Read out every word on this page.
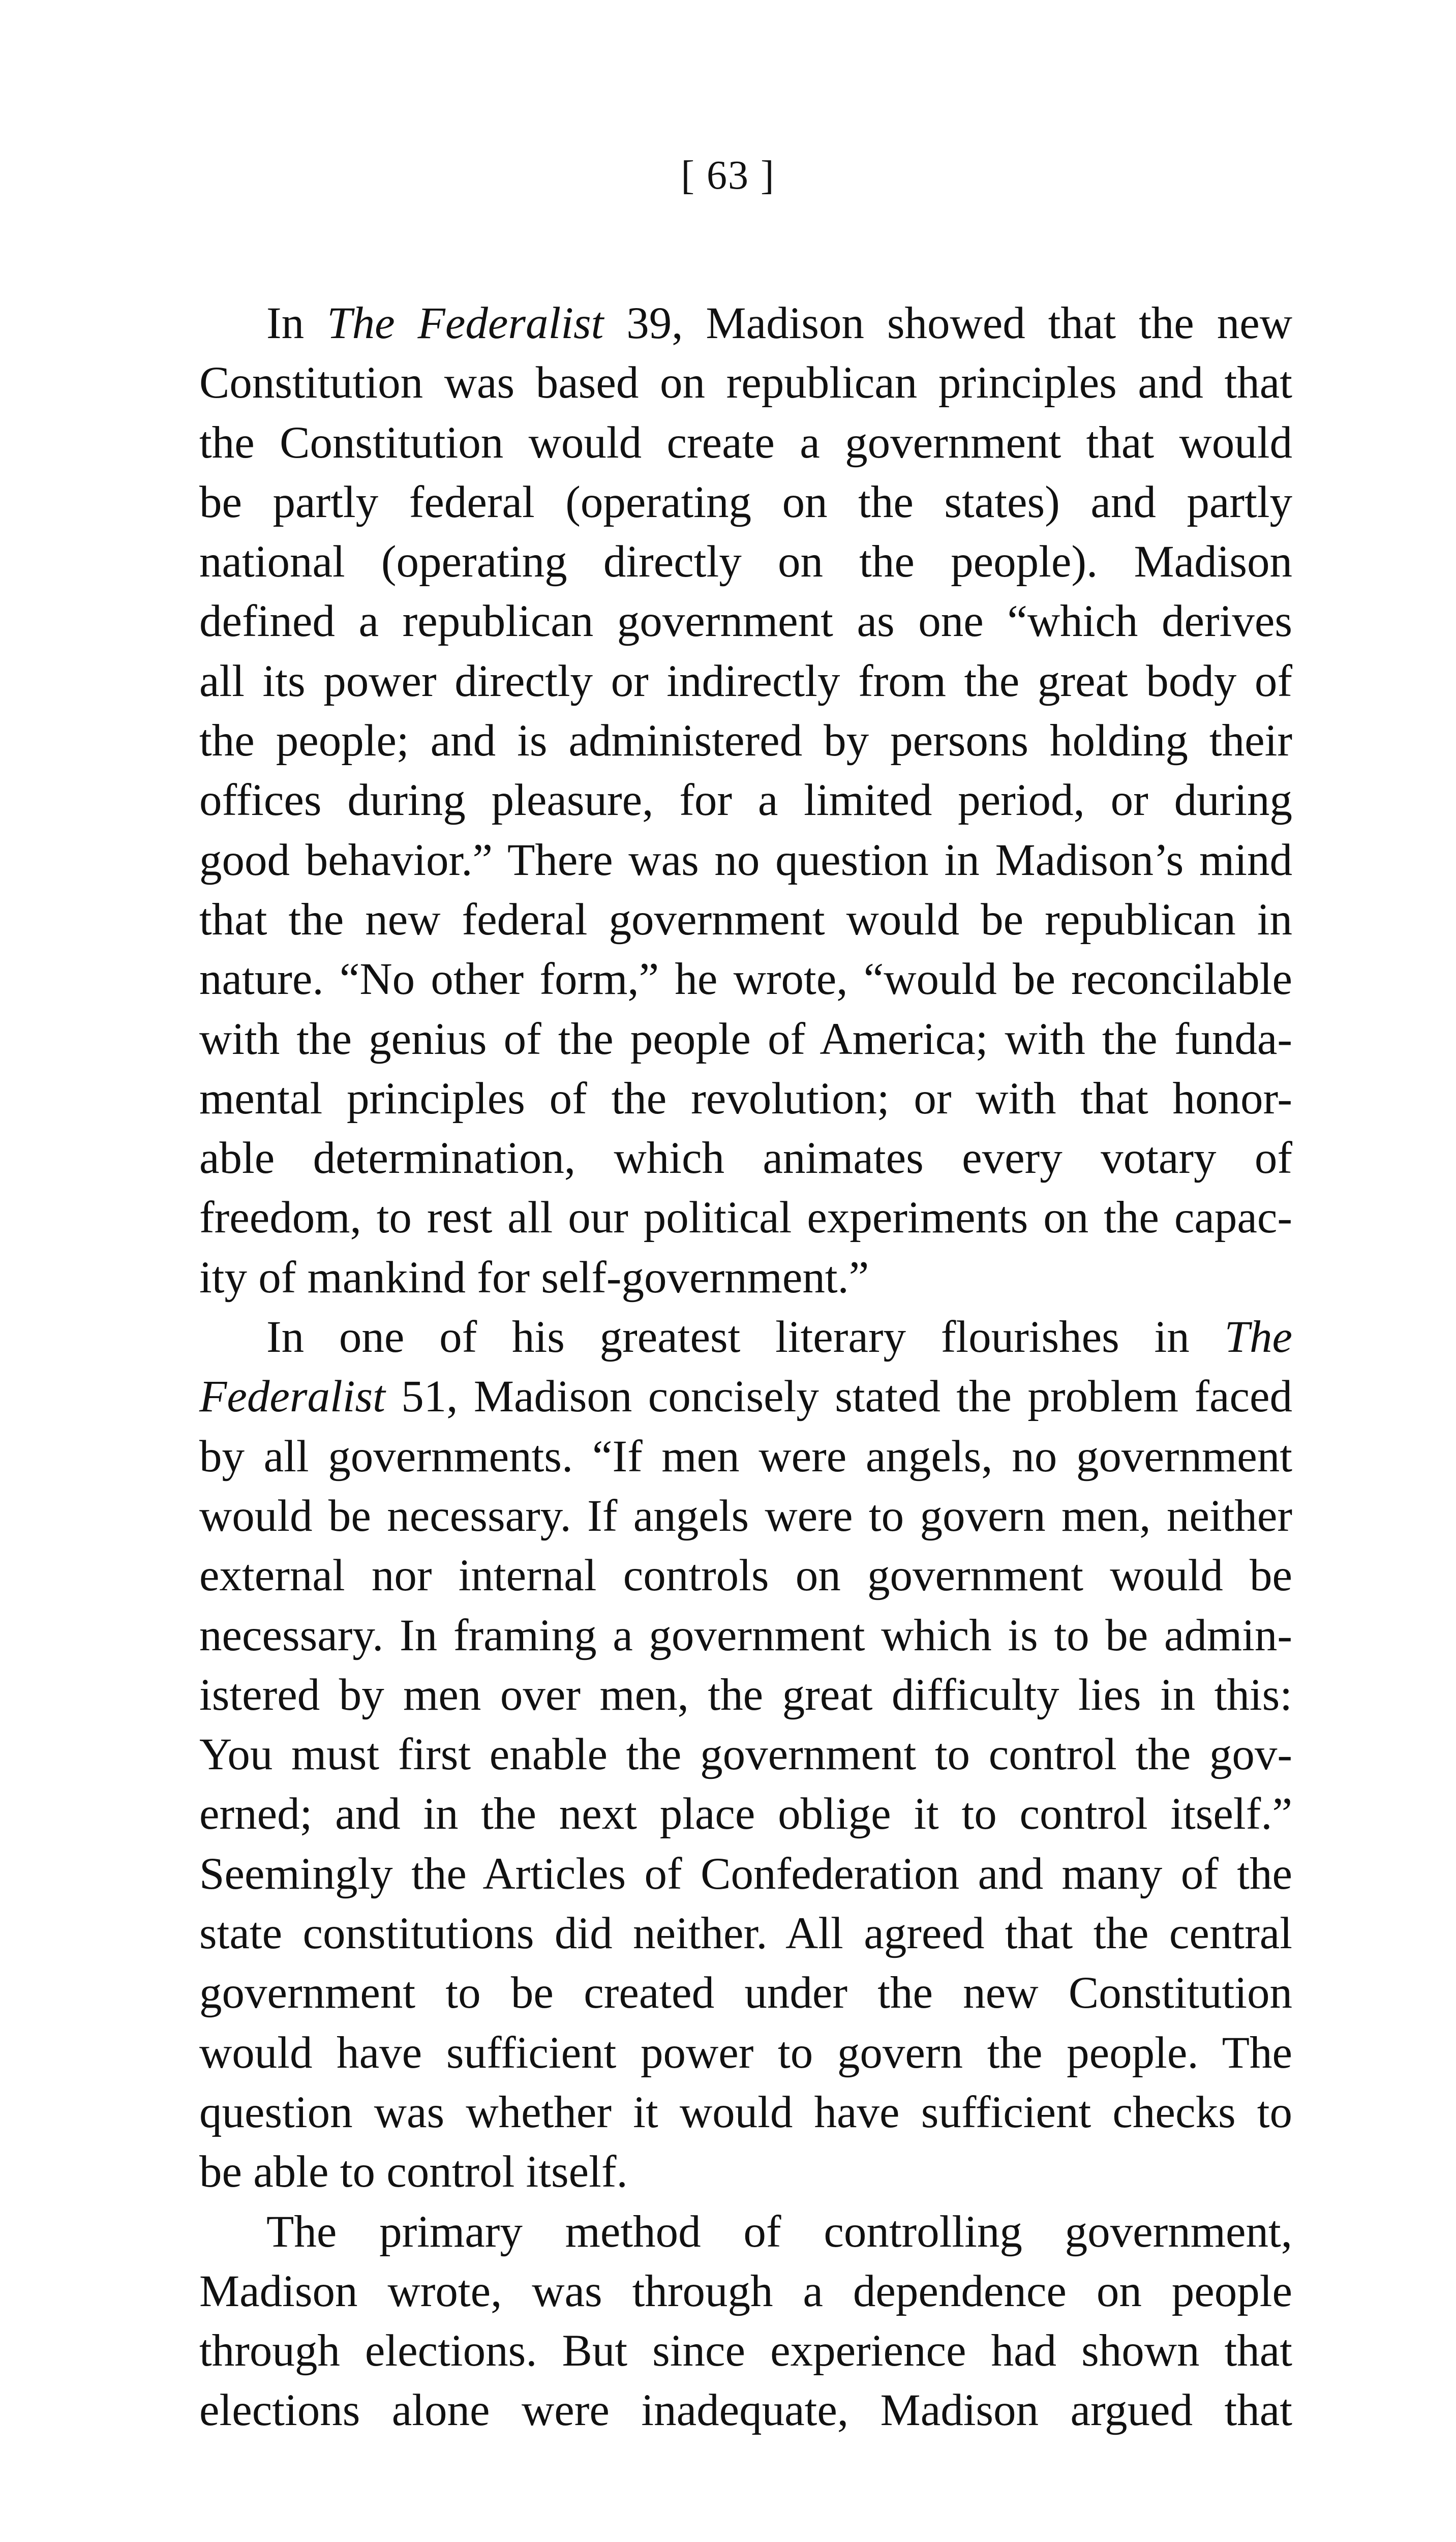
[ 63 ]
In The Federalist 39, Madison showed that the new
Constitution was based on republican principles and that
the Constitution would create a government that would
be partly federal (operating on the states) and partly
national (operating directly on the people). Madison
defined a republican government as one “which derives
all its power directly or indirectly from the great body of
the people; and is administered by persons holding their
offices during pleasure, for a limited period, or during
good behavior.” There was no question in Madison’s mind
that the new federal government would be republican in
nature. “No other form,” he wrote, “would be reconcilable
with the genius of the people of America; with the funda-
mental principles of the revolution; or with that honor-
able determination, which animates every votary of
freedom, to rest all our political experiments on the capac-
ity of mankind for self-government.”
In one of his greatest literary flourishes in The
Federalist 51, Madison concisely stated the problem faced
by all governments. “If men were angels, no government
would be necessary. If angels were to govern men, neither
external nor internal controls on government would be
necessary. In framing a government which is to be admin-
istered by men over men, the great difficulty lies in this:
You must first enable the government to control the gov-
erned; and in the next place oblige it to control itself.”
Seemingly the Articles of Confederation and many of the
state constitutions did neither. All agreed that the central
government to be created under the new Constitution
would have sufficient power to govern the people. The
question was whether it would have sufficient checks to
be able to control itself.
The primary method of controlling government,
Madison wrote, was through a dependence on people
through elections. But since experience had shown that
elections alone were inadequate, Madison argued that
